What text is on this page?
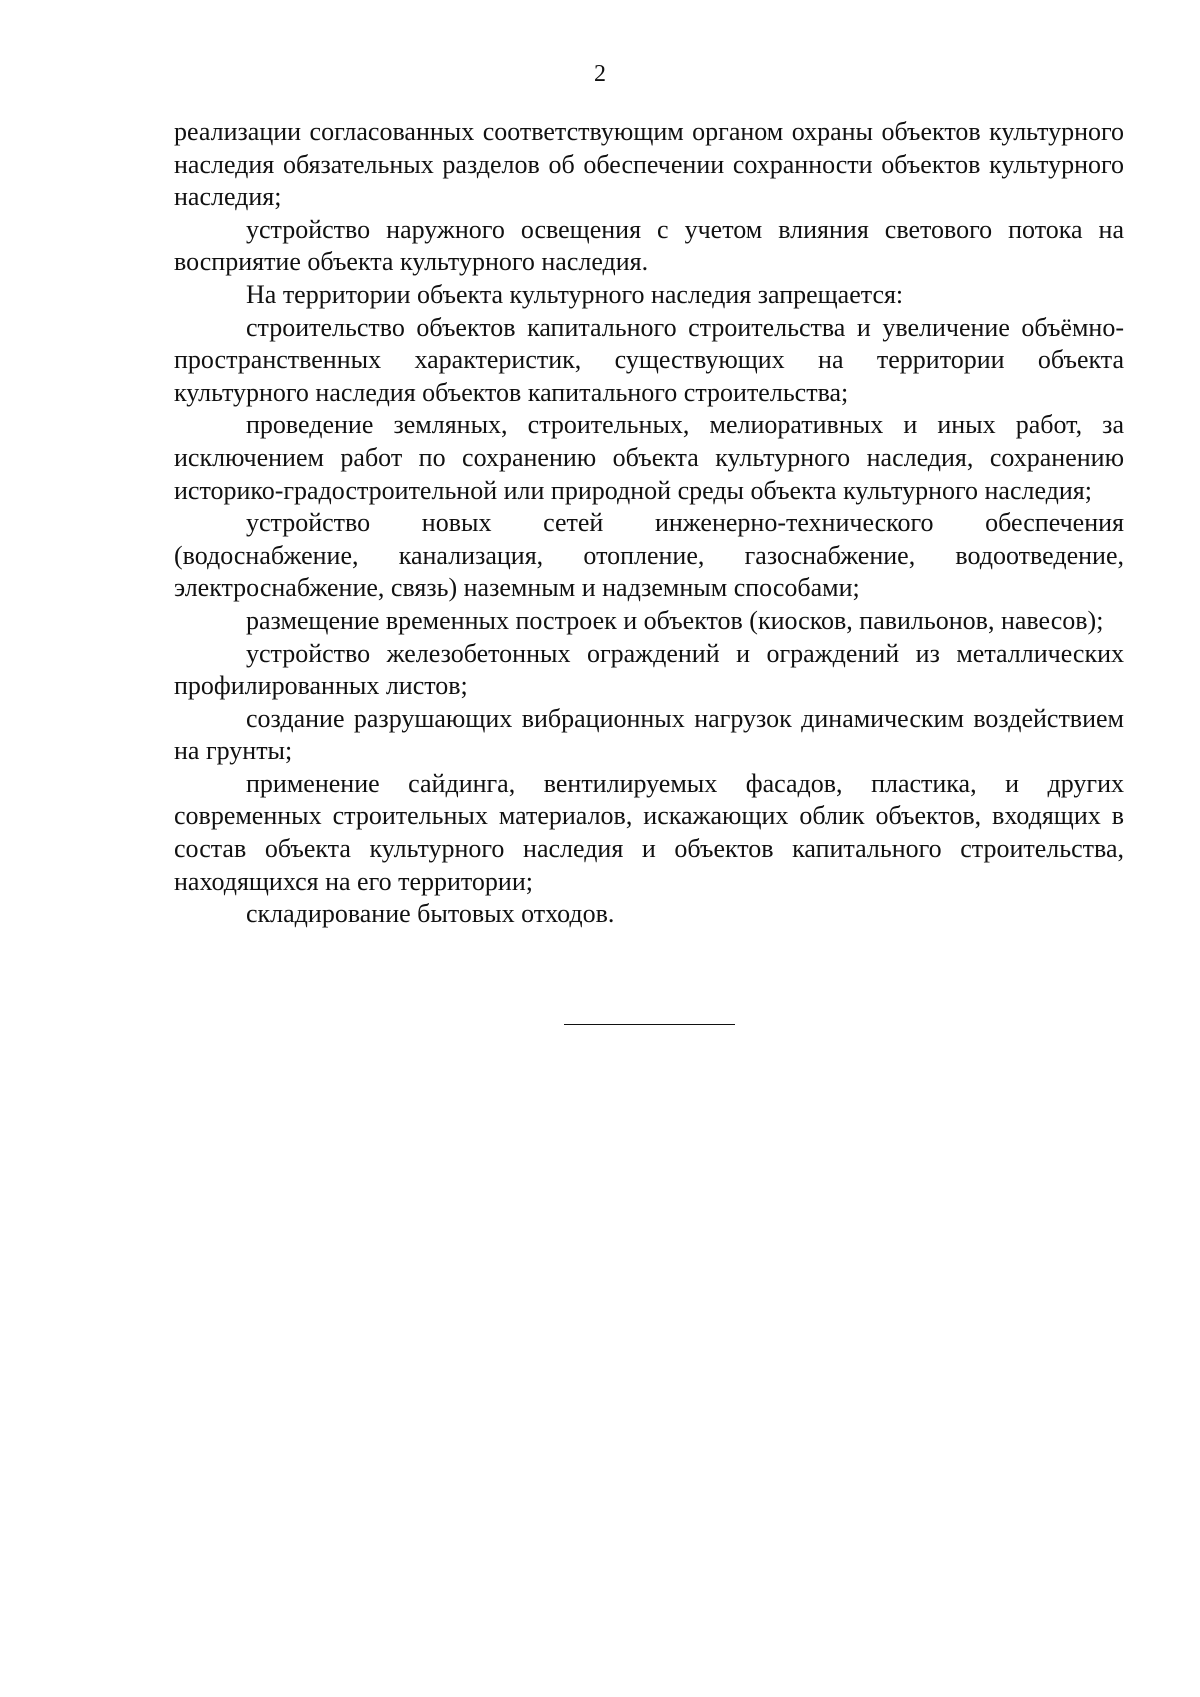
2

реализации согласованных соответствующим органом охраны объектов культурного наследия обязательных разделов об обеспечении сохранности объектов культурного наследия;

устройство наружного освещения с учетом влияния светового потока на восприятие объекта культурного наследия.

На территории объекта культурного наследия запрещается:

строительство объектов капитального строительства и увеличение объёмно-пространственных характеристик, существующих на территории объекта культурного наследия объектов капитального строительства;

проведение земляных, строительных, мелиоративных и иных работ, за исключением работ по сохранению объекта культурного наследия, сохранению историко-градостроительной или природной среды объекта культурного наследия;

устройство новых сетей инженерно-технического обеспечения (водоснабжение, канализация, отопление, газоснабжение, водоотведение, электроснабжение, связь) наземным и надземным способами;

размещение временных построек и объектов (киосков, павильонов, навесов);

устройство железобетонных ограждений и ограждений из металлических профилированных листов;

создание разрушающих вибрационных нагрузок динамическим воздействием на грунты;

применение сайдинга, вентилируемых фасадов, пластика, и других современных строительных материалов, искажающих облик объектов, входящих в состав объекта культурного наследия и объектов капитального строительства, находящихся на его территории;

складирование бытовых отходов.
